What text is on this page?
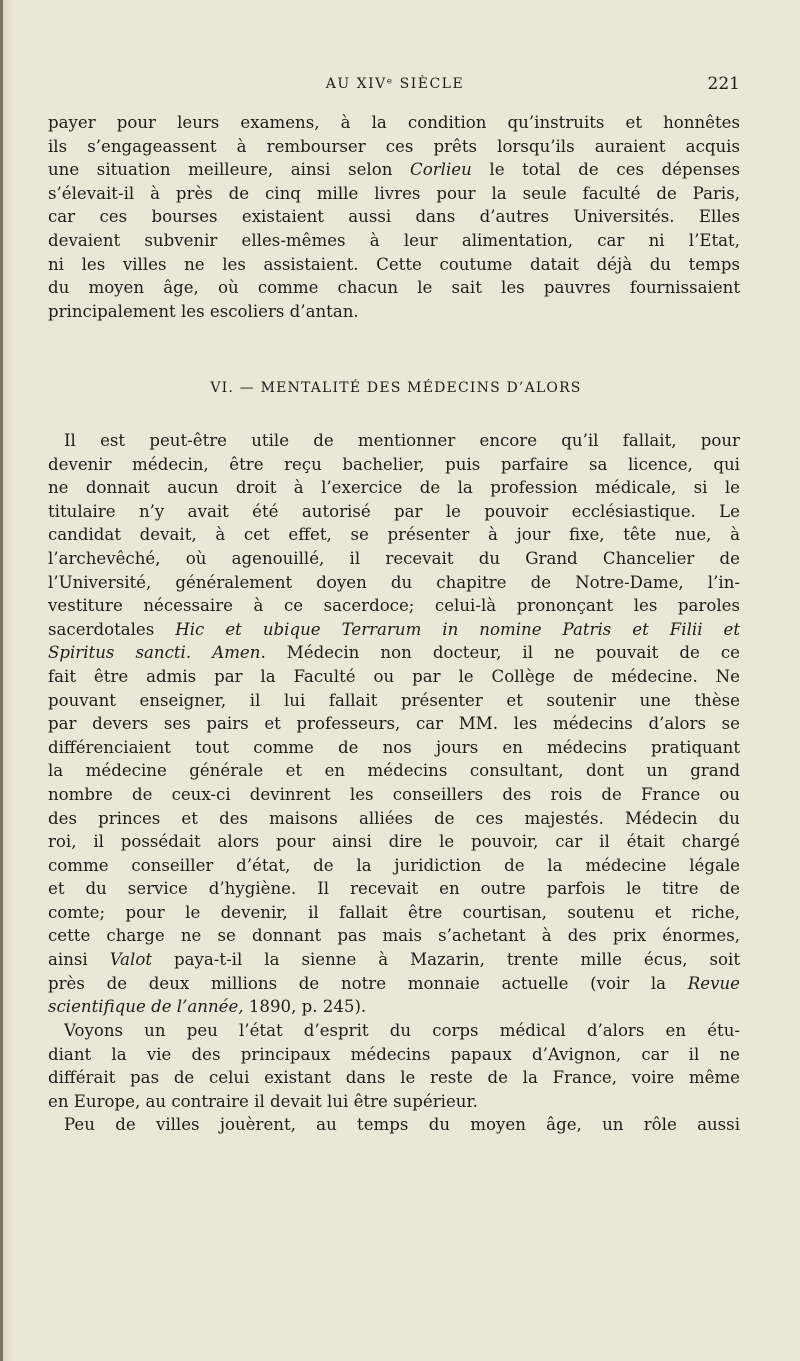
AU XIVᵉ SIÈCLE	221
payer pour leurs examens, à la condition qu’instruits et honnêtes
ils s’engageassent à rembourser ces prêts lorsqu’ils auraient acquis
une situation meilleure, ainsi selon Corlieu le total de ces dépenses
s’élevait-il à près de cinq mille livres pour la seule faculté de Paris,
car ces bourses existaient aussi dans d’autres Universités. Elles
devaient subvenir elles-mêmes à leur alimentation, car ni l’Etat,
ni les villes ne les assistaient. Cette coutume datait déjà du temps
du moyen âge, où comme chacun le sait les pauvres fournissaient
principalement les escoliers d’antan.
VI. — MENTALITÉ DES MÉDECINS D’ALORS
Il est peut-être utile de mentionner encore qu’il fallait, pour
devenir médecin, être reçu bachelier, puis parfaire sa licence, qui
ne donnait aucun droit à l’exercice de la profession médicale, si le
titulaire n’y avait été autorisé par le pouvoir ecclésiastique. Le
candidat devait, à cet effet, se présenter à jour fixe, tête nue, à
l’archevêché, où agenouillé, il recevait du Grand Chancelier de
l’Université, généralement doyen du chapitre de Notre-Dame, l’in-
vestiture nécessaire à ce sacerdoce; celui-là prononçant les paroles
sacerdotales Hic et ubique Terrarum in nomine Patris et Filii et
Spiritus sancti. Amen. Médecin non docteur, il ne pouvait de ce
fait être admis par la Faculté ou par le Collège de médecine. Ne
pouvant enseigner, il lui fallait présenter et soutenir une thèse
par devers ses pairs et professeurs, car MM. les médecins d’alors se
différenciaient tout comme de nos jours en médecins pratiquant
la médecine générale et en médecins consultant, dont un grand
nombre de ceux-ci devinrent les conseillers des rois de France ou
des princes et des maisons alliées de ces majestés. Médecin du
roi, il possédait alors pour ainsi dire le pouvoir, car il était chargé
comme conseiller d’état, de la juridiction de la médecine légale
et du service d’hygiène. Il recevait en outre parfois le titre de
comte; pour le devenir, il fallait être courtisan, soutenu et riche,
cette charge ne se donnant pas mais s’achetant à des prix énormes,
ainsi Valot paya-t-il la sienne à Mazarin, trente mille écus, soit
près de deux millions de notre monnaie actuelle (voir la Revue
scientifique de l’année, 1890, p. 245).
Voyons un peu l’état d’esprit du corps médical d’alors en étu-
diant la vie des principaux médecins papaux d’Avignon, car il ne
différait pas de celui existant dans le reste de la France, voire même
en Europe, au contraire il devait lui être supérieur.
Peu de villes jouèrent, au temps du moyen âge, un rôle aussi
